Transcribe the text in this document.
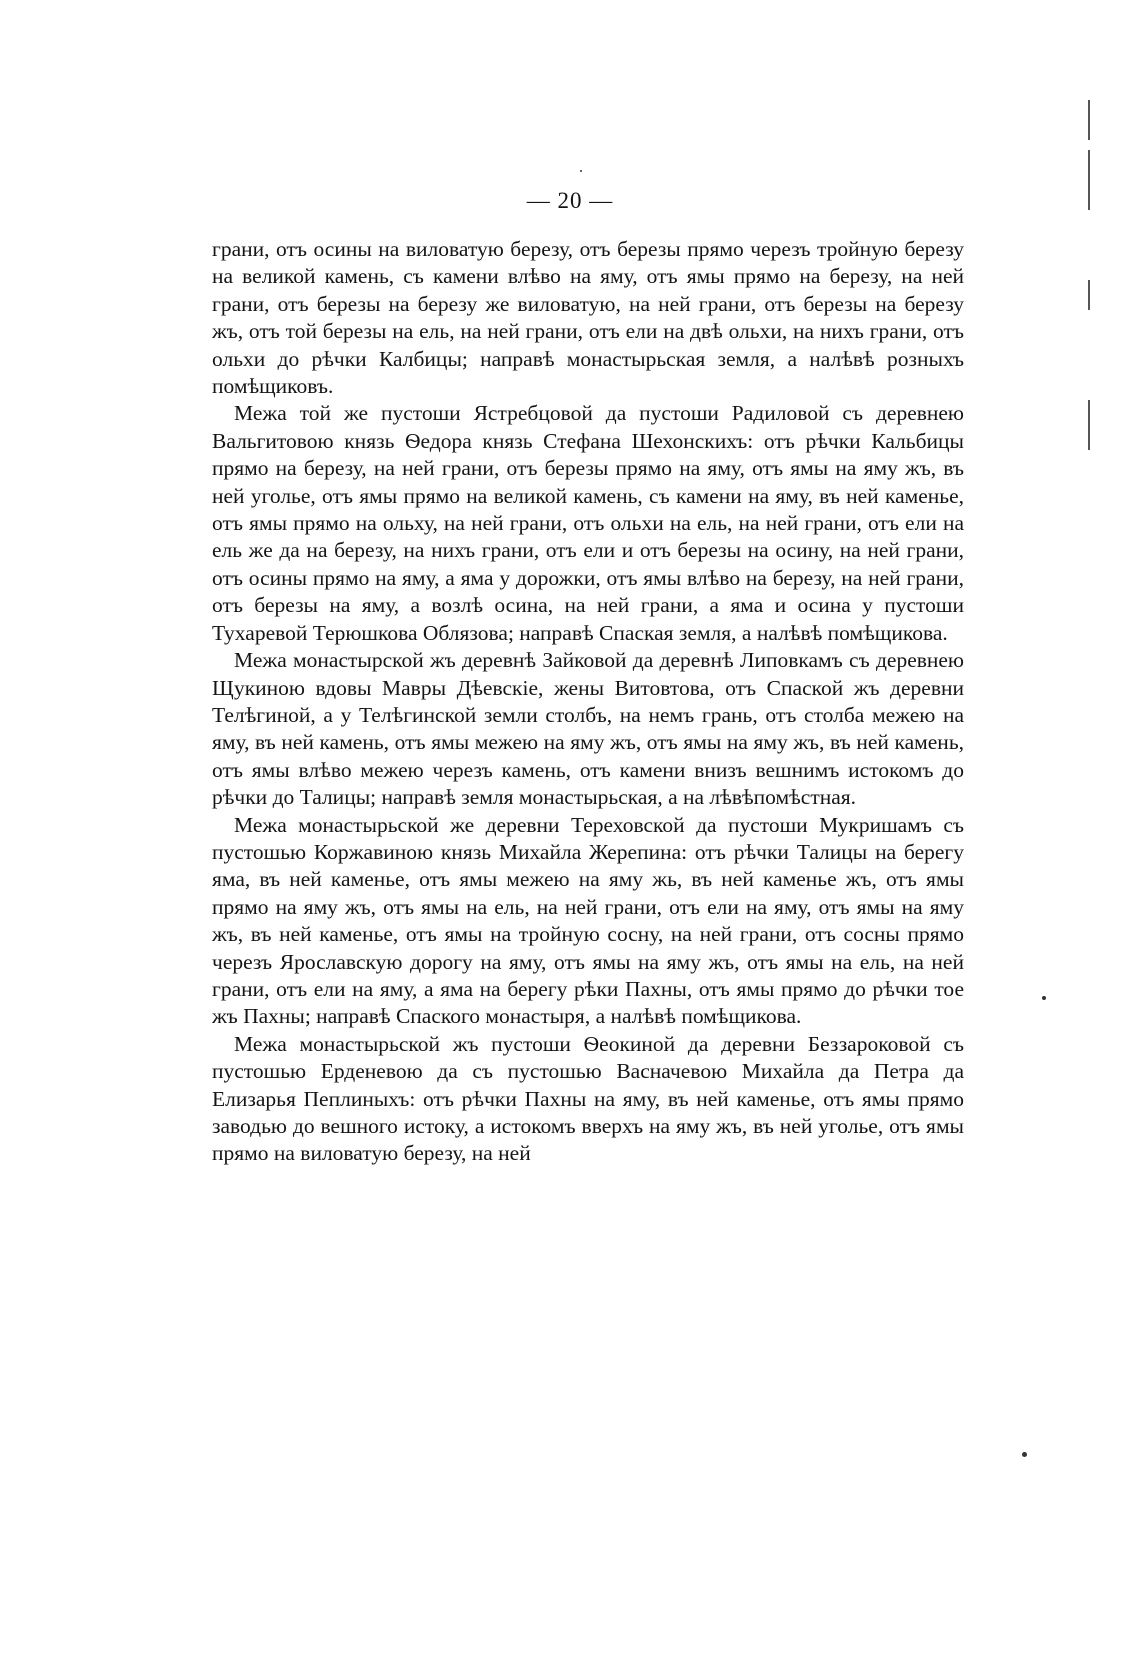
— 20 —

грани, отъ осины на виловатую березу, отъ березы прямо черезъ тройную березу на великой камень, съ камени влѣво на яму, отъ ямы прямо на березу, на ней грани, отъ березы на березу же виловатую, на ней грани, отъ березы на березу жъ, отъ той березы на ель, на ней грани, отъ ели на двѣ ольхи, на нихъ грани, отъ ольхи до рѣчки Калбицы; направѣ монастырьская земля, а налѣвѣ розныхъ помѣщиковъ.

Межа той же пустоши Ястребцовой да пустоши Радиловой съ деревнею Вальгитовою князь Ѳедора князь Стефана Шехонскихъ: отъ рѣчки Кальбицы прямо на березу, на ней грани, отъ березы прямо на яму, отъ ямы на яму жъ, въ ней уголье, отъ ямы прямо на великой камень, съ камени на яму, въ ней каменье, отъ ямы прямо на ольху, на ней грани, отъ ольхи на ель, на ней грани, отъ ели на ель же да на березу, на нихъ грани, отъ ели и отъ березы на осину, на ней грани, отъ осины прямо на яму, а яма у дорожки, отъ ямы влѣво на березу, на ней грани, отъ березы на яму, а возлѣ осина, на ней грани, а яма и осина у пустоши Тухаревой Терюшкова Облязова; направѣ Спаская земля, а налѣвѣ помѣщикова.

Межа монастырской жъ деревнѣ Зайковой да деревнѣ Липовкамъ съ деревнею Щукиною вдовы Мавры Дѣевскіе, жены Витовтова, отъ Спаской жъ деревни Телѣгиной, а у Телѣгинской земли столбъ, на немъ грань, отъ столба межею на яму, въ ней камень, отъ ямы межею на яму жъ, отъ ямы на яму жъ, въ ней камень, отъ ямы влѣво межею черезъ камень, отъ камени внизъ вешнимъ истокомъ до рѣчки до Талицы; направѣ земля монастырьская, а на лѣвѣпомѣстная.

Межа монастырьской же деревни Тереховской да пустоши Мукришамъ съ пустошью Коржавиною князь Михайла Жерепина: отъ рѣчки Талицы на берегу яма, въ ней каменье, отъ ямы межею на яму жь, въ ней каменье жъ, отъ ямы прямо на яму жъ, отъ ямы на ель, на ней грани, отъ ели на яму, отъ ямы на яму жъ, въ ней каменье, отъ ямы на тройную сосну, на ней грани, отъ сосны прямо черезъ Ярославскую дорогу на яму, отъ ямы на яму жъ, отъ ямы на ель, на ней грани, отъ ели на яму, а яма на берегу рѣки Пахны, отъ ямы прямо до рѣчки тое жъ Пахны; направѣ Спаского монастыря, а налѣвѣ помѣщикова.

Межа монастырьской жъ пустоши Ѳеокиной да деревни Беззароковой съ пустошью Ерденевою да съ пустошью Васначевою Михайла да Петра да Елизарья Пеплиныхъ: отъ рѣчки Пахны на яму, въ ней каменье, отъ ямы прямо заводью до вешного истоку, а истокомъ вверхъ на яму жъ, въ ней уголье, отъ ямы прямо на виловатую березу, на ней
